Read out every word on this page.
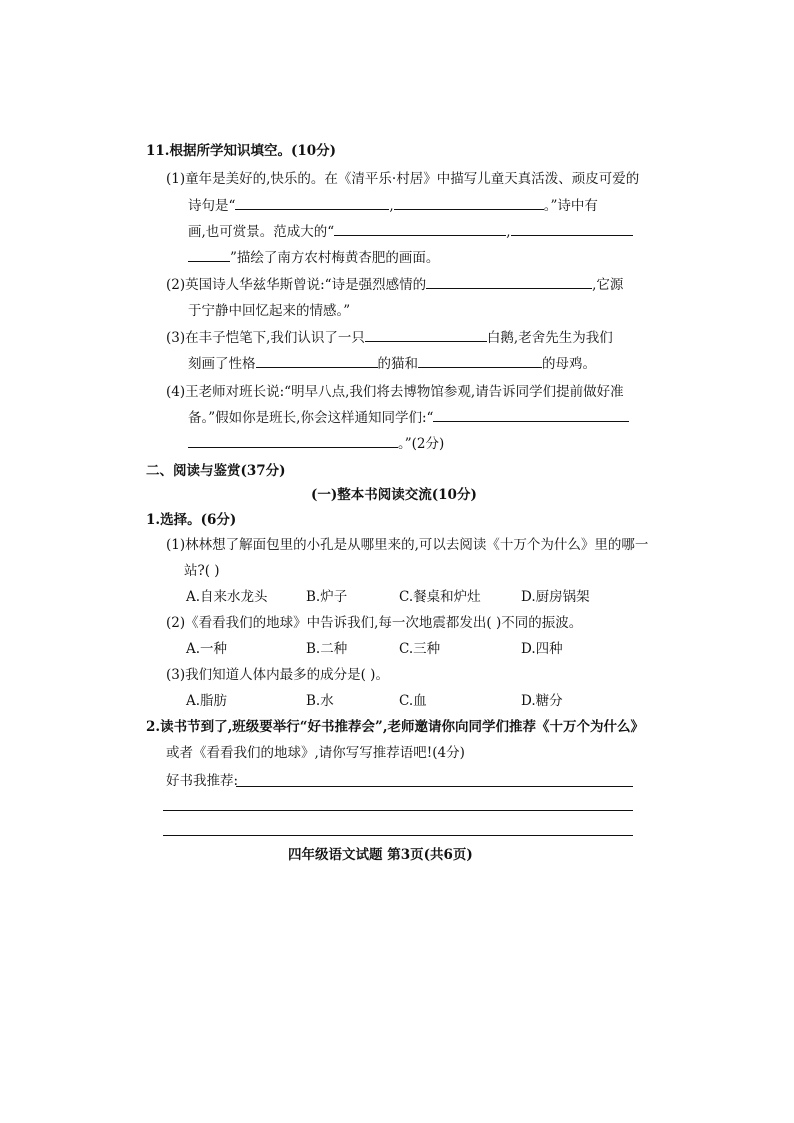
11.根据所学知识填空。(10分)
(1)童年是美好的,快乐的。在《清平乐·村居》中描写儿童天真活泼、顽皮可爱的
诗句是“	,	。”诗中有
画,也可赏景。范成大的“	,
”描绘了南方农村梅黄杏肥的画面。
(2)英国诗人华兹华斯曾说:“诗是强烈感情的	,它源
于宁静中回忆起来的情感。”
(3)在丰子恺笔下,我们认识了一只	白鹅,老舍先生为我们
刻画了性格	的猫和	的母鸡。
(4)王老师对班长说:“明早八点,我们将去博物馆参观,请告诉同学们提前做好准
备。”假如你是班长,你会这样通知同学们:“
。”(2分)
二、阅读与鉴赏(37分)
(一)整本书阅读交流(10分)
1.选择。(6分)
(1)林林想了解面包里的小孔是从哪里来的,可以去阅读《十万个为什么》里的哪一
站?( )
A.自来水龙头	B.炉子	C.餐桌和炉灶	D.厨房锅架
(2)《看看我们的地球》中告诉我们,每一次地震都发出( )不同的振波。
A.一种	B.二种	C.三种	D.四种
(3)我们知道人体内最多的成分是( )。
A.脂肪	B.水	C.血	D.糖分
2.读书节到了,班级要举行“好书推荐会”,老师邀请你向同学们推荐《十万个为什么》
或者《看看我们的地球》,请你写写推荐语吧!(4分)
好书我推荐:
四年级语文试题 第3页(共6页)
